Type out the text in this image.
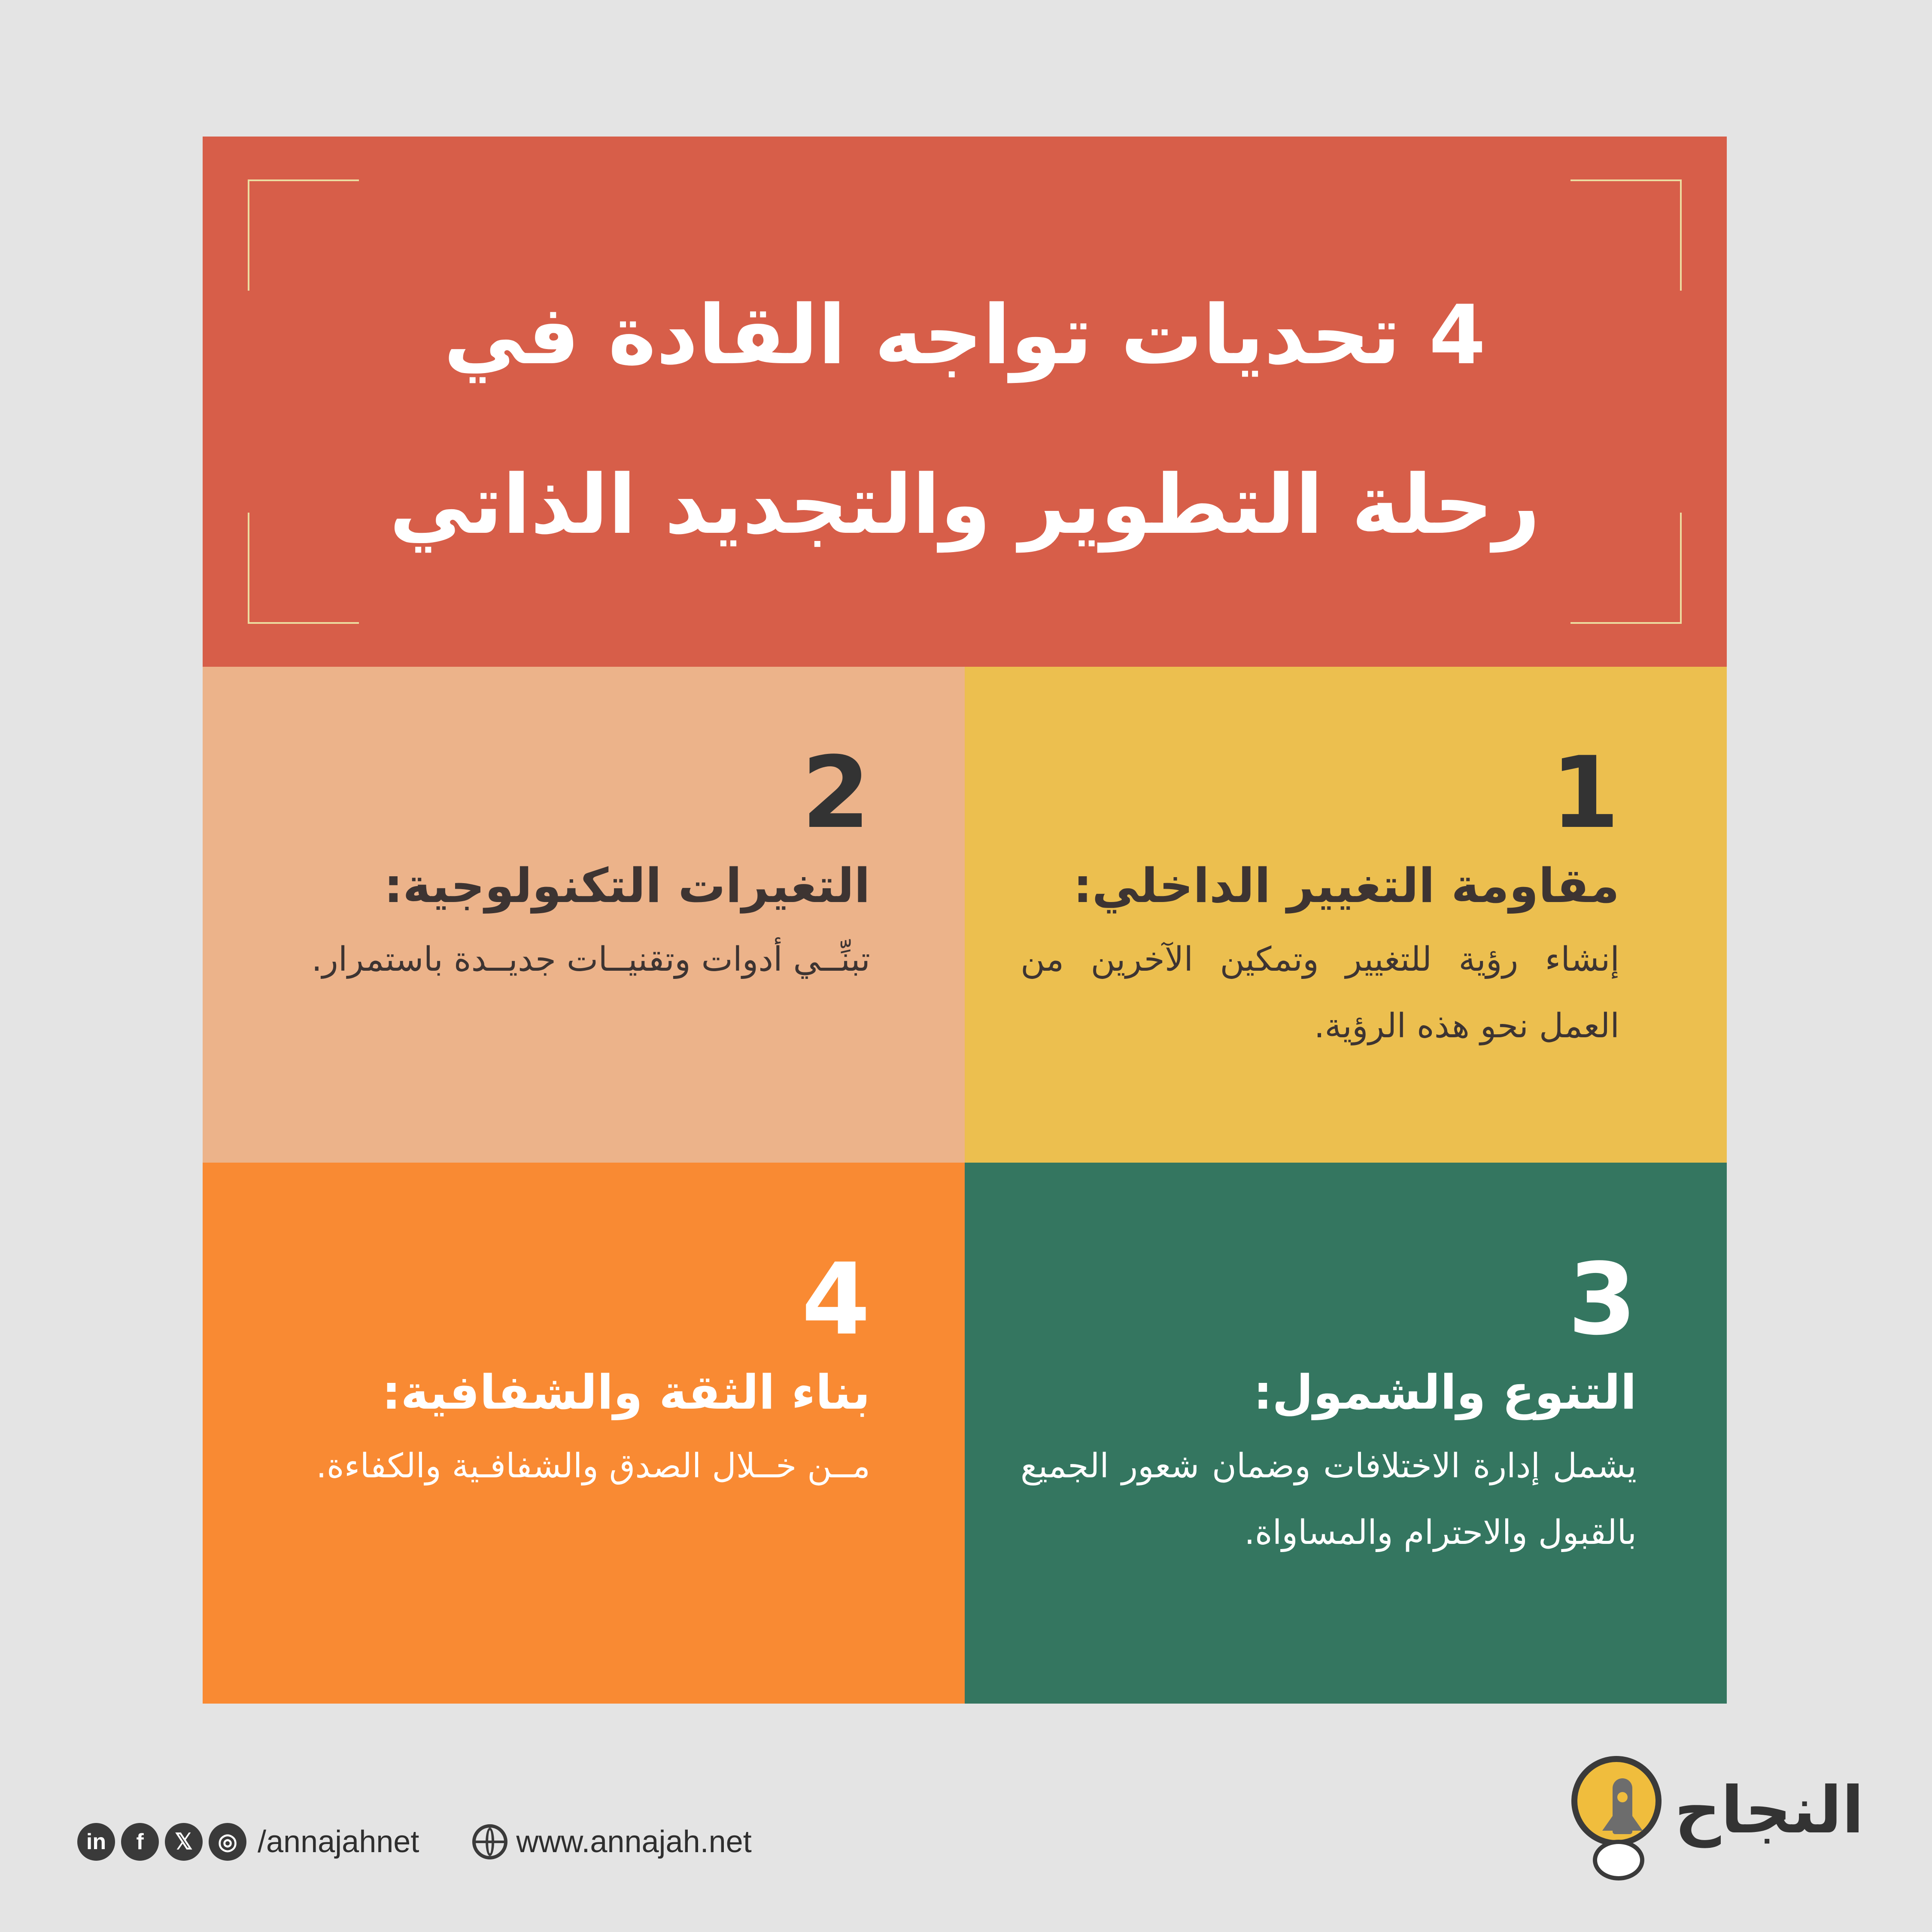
4 تحديات تواجه القادة في
رحلة التطوير والتجديد الذاتي
1
مقاومة التغيير الداخلي:
إنشاء رؤية للتغيير وتمكين الآخرين من العمل نحو هذه الرؤية.
2
التغيرات التكنولوجية:
تبنِّــي أدوات وتقنيــات جديــدة باستمرار.
3
التنوع والشمول:
يشمل إدارة الاختلافات وضمان شعور الجميع بالقبول والاحترام والمساواة.
4
بناء الثقة والشفافية:
مــن خــلال الصدق والشفافـية والكفاءة.
in	f	𝕏	◎ /annajahnet	www.annajah.net	النجاح
